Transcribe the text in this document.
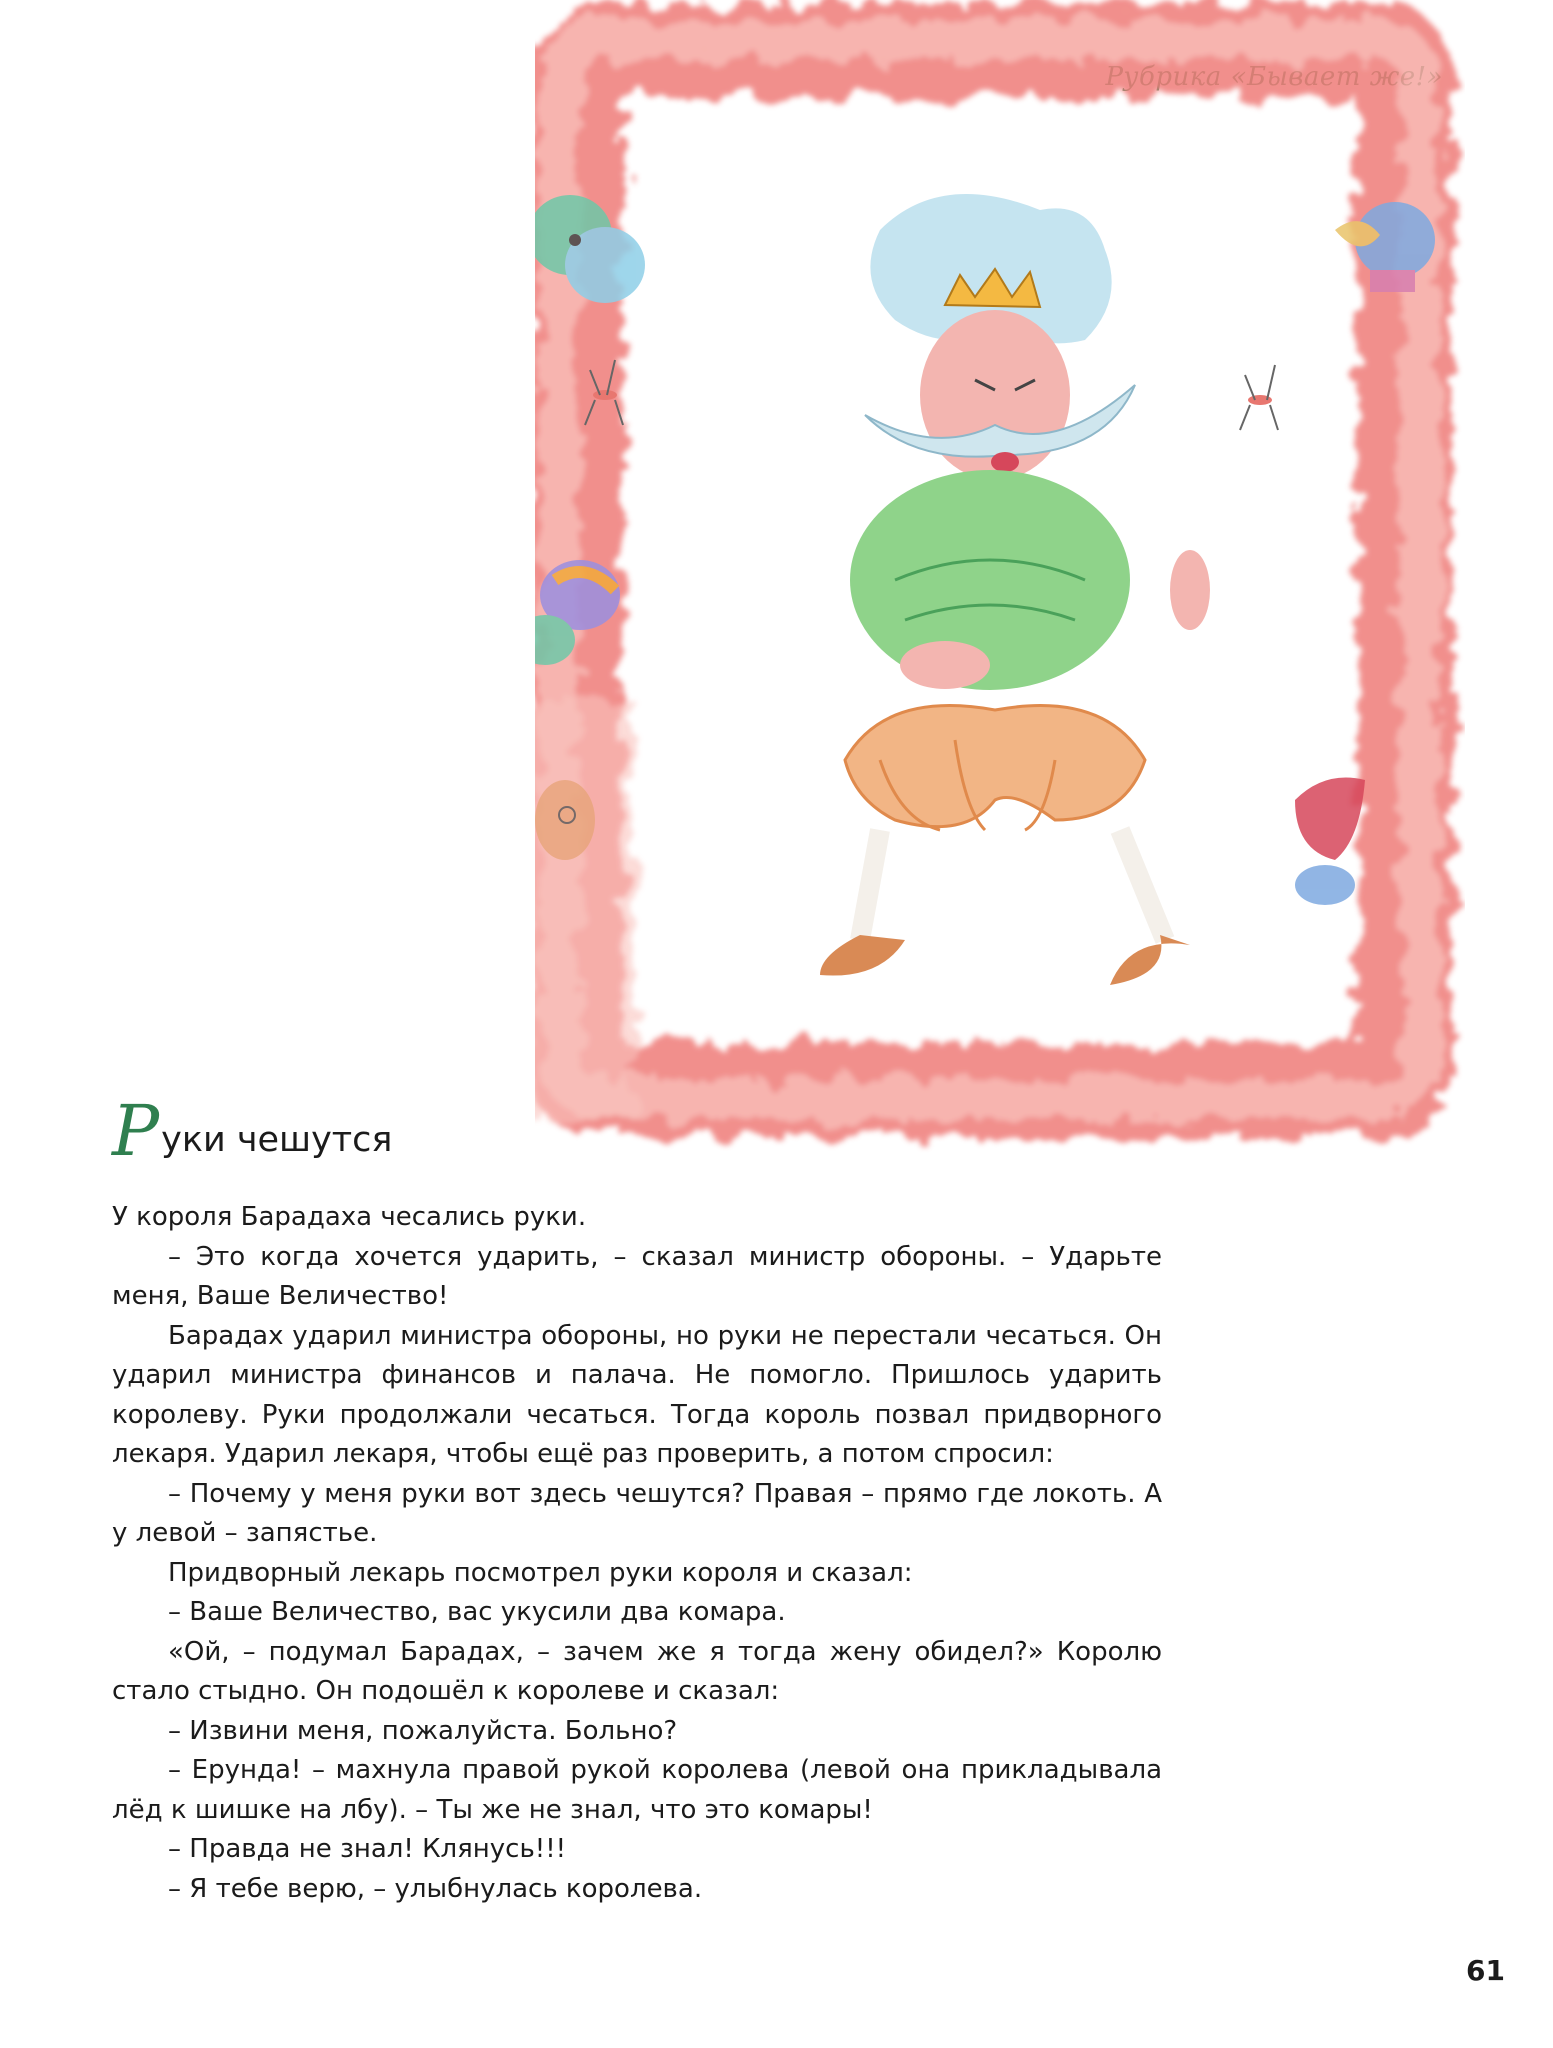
Рубрика «Бывает же!»
Руки чешутся

У короля Барадаха чесались руки.

– Это когда хочется ударить, – сказал министр обороны. – Ударьте меня, Ваше Величество!

Барадах ударил министра обороны, но руки не перестали чесаться. Он ударил министра финансов и палача. Не помогло. Пришлось ударить королеву. Руки продолжали чесаться. Тогда король позвал придворного лекаря. Ударил лекаря, чтобы ещё раз проверить, а потом спросил:

– Почему у меня руки вот здесь чешутся? Правая – прямо где локоть. А у левой – запястье.

Придворный лекарь посмотрел руки короля и сказал:

– Ваше Величество, вас укусили два комара.

«Ой, – подумал Барадах, – зачем же я тогда жену обидел?» Королю стало стыдно. Он подошёл к королеве и сказал:

– Извини меня, пожалуйста. Больно?

– Ерунда! – махнула правой рукой королева (левой она прикладывала лёд к шишке на лбу). – Ты же не знал, что это комары!

– Правда не знал! Клянусь!!!

– Я тебе верю, – улыбнулась королева.

61
